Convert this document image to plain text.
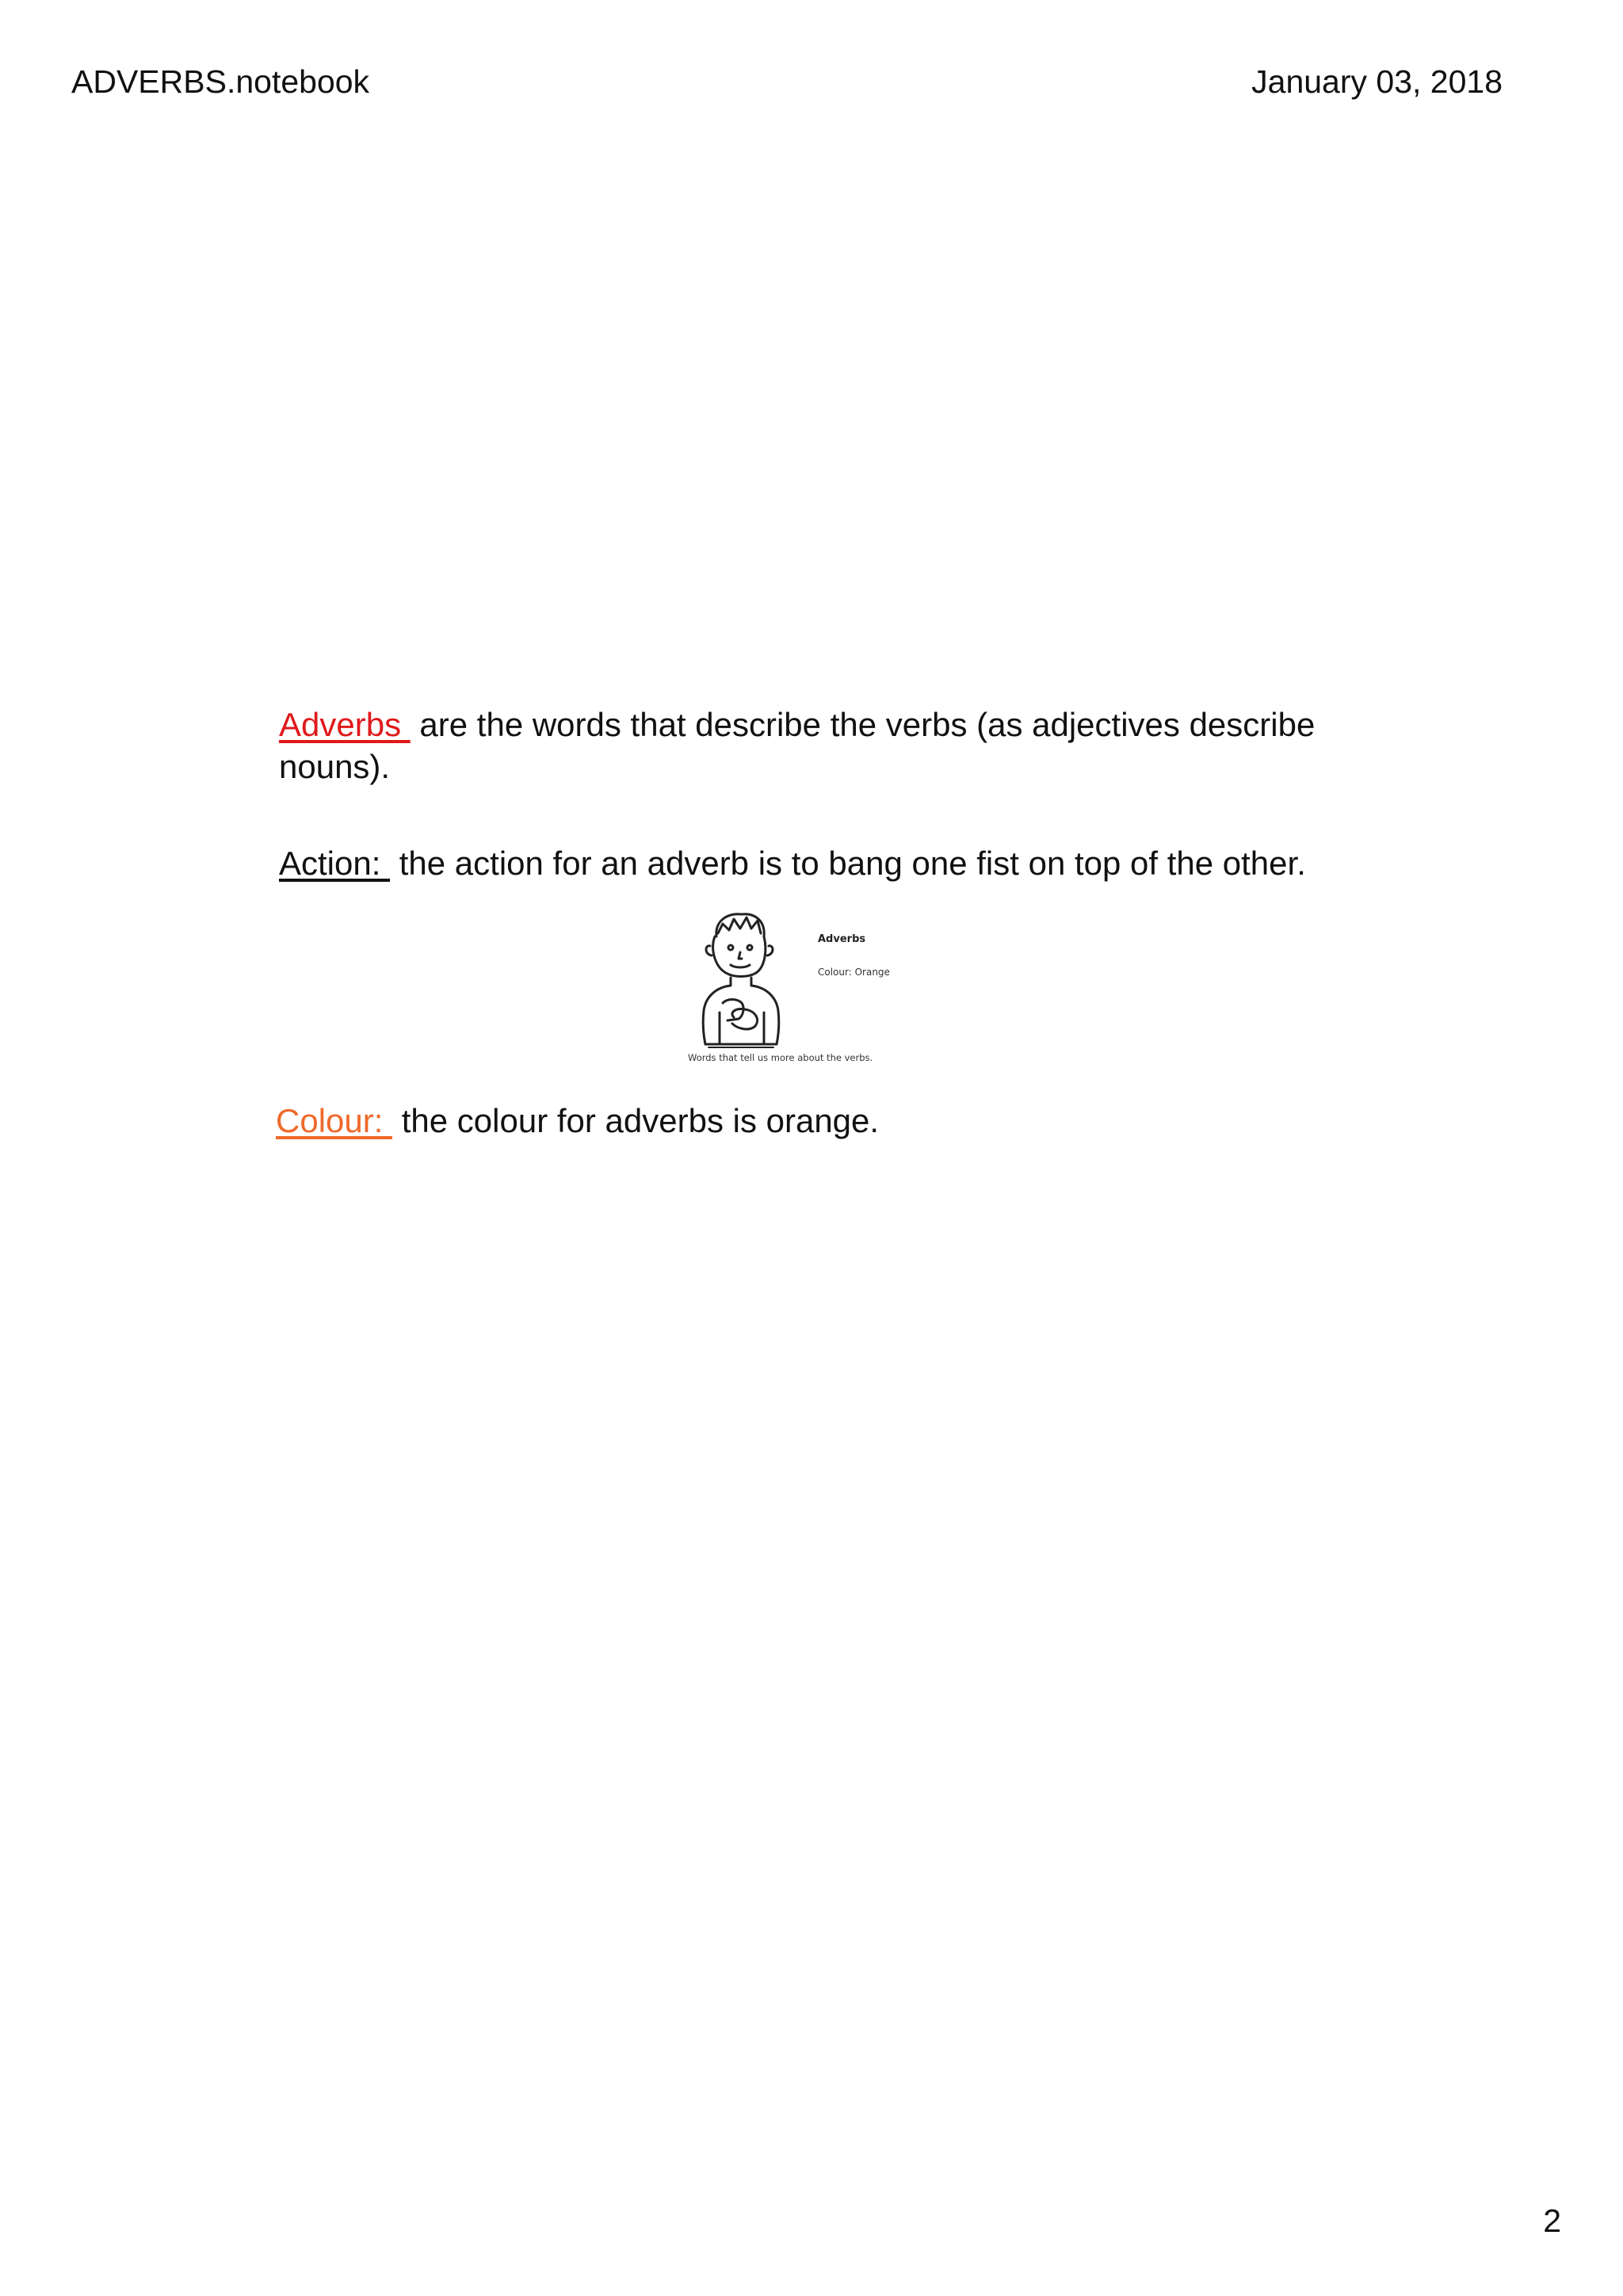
ADVERBS.notebook	January 03, 2018

Adverbs  are the words that describe the verbs (as adjectives describe nouns).

Action:  the action for an adverb is to bang one fist on top of the other.

Adverbs
Colour: Orange
Words that tell us more about the verbs.

Colour:  the colour for adverbs is orange.

2
